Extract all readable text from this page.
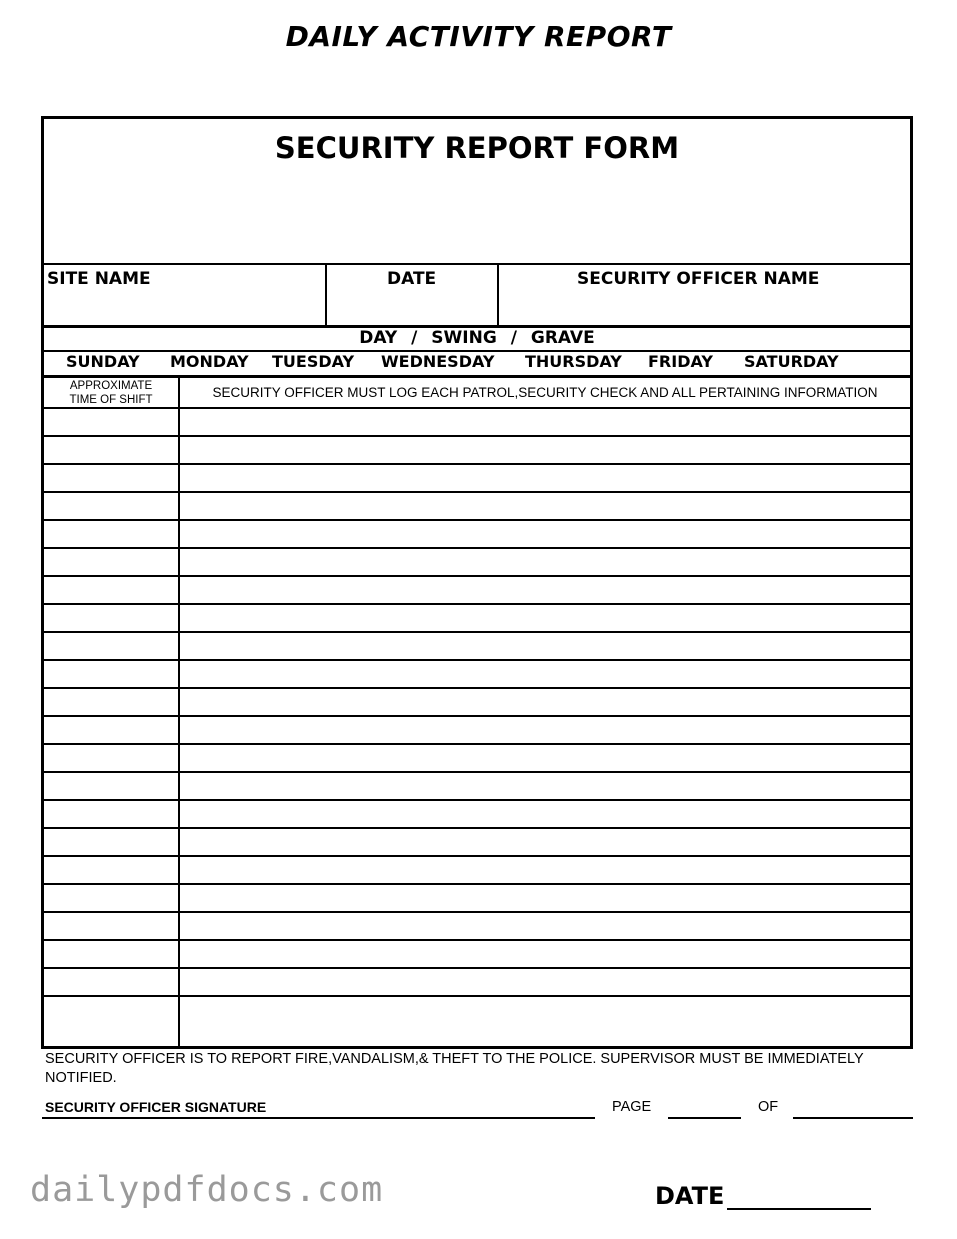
DAILY ACTIVITY REPORT
SECURITY REPORT FORM
SITE NAME	DATE	SECURITY OFFICER NAME
DAY / SWING / GRAVE
SUNDAY MONDAY TUESDAY WEDNESDAY THURSDAY FRIDAY SATURDAY
APPROXIMATE
TIME OF SHIFT	SECURITY OFFICER MUST LOG EACH PATROL,SECURITY CHECK AND ALL PERTAINING INFORMATION
SECURITY OFFICER IS TO REPORT FIRE,VANDALISM,& THEFT TO THE POLICE. SUPERVISOR MUST BE IMMEDIATELY NOTIFIED.
SECURITY OFFICER SIGNATURE	PAGE	OF
dailypdfdocs.com	DATE
